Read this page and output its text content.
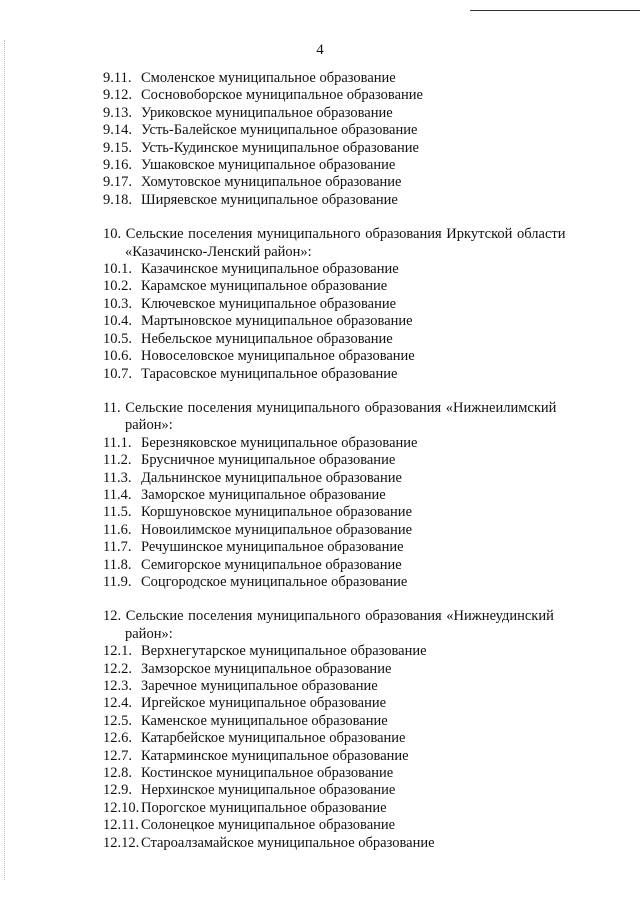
4
9.11. Смоленское муниципальное образование
9.12. Сосновоборское муниципальное образование
9.13. Уриковское муниципальное образование
9.14. Усть-Балейское муниципальное образование
9.15. Усть-Кудинское муниципальное образование
9.16. Ушаковское муниципальное образование
9.17. Хомутовское муниципальное образование
9.18. Ширяевское муниципальное образование
10. Сельские поселения муниципального образования Иркутской области
«Казачинско-Ленский район»:
10.1. Казачинское муниципальное образование
10.2. Карамское муниципальное образование
10.3. Ключевское муниципальное образование
10.4. Мартыновское муниципальное образование
10.5. Небельское муниципальное образование
10.6. Новоселовское муниципальное образование
10.7. Тарасовское муниципальное образование
11. Сельские поселения муниципального образования «Нижнеилимский
район»:
11.1. Березняковское муниципальное образование
11.2. Брусничное муниципальное образование
11.3. Дальнинское муниципальное образование
11.4. Заморское муниципальное образование
11.5. Коршуновское муниципальное образование
11.6. Новоилимское муниципальное образование
11.7. Речушинское муниципальное образование
11.8. Семигорское муниципальное образование
11.9. Соцгородское муниципальное образование
12. Сельские поселения муниципального образования «Нижнеудинский
район»:
12.1. Верхнегутарское муниципальное образование
12.2. Замзорское муниципальное образование
12.3. Заречное муниципальное образование
12.4. Иргейское муниципальное образование
12.5. Каменское муниципальное образование
12.6. Катарбейское муниципальное образование
12.7. Катарминское муниципальное образование
12.8. Костинское муниципальное образование
12.9. Нерхинское муниципальное образование
12.10. Порогское муниципальное образование
12.11. Солонецкое муниципальное образование
12.12. Староалзамайское муниципальное образование
